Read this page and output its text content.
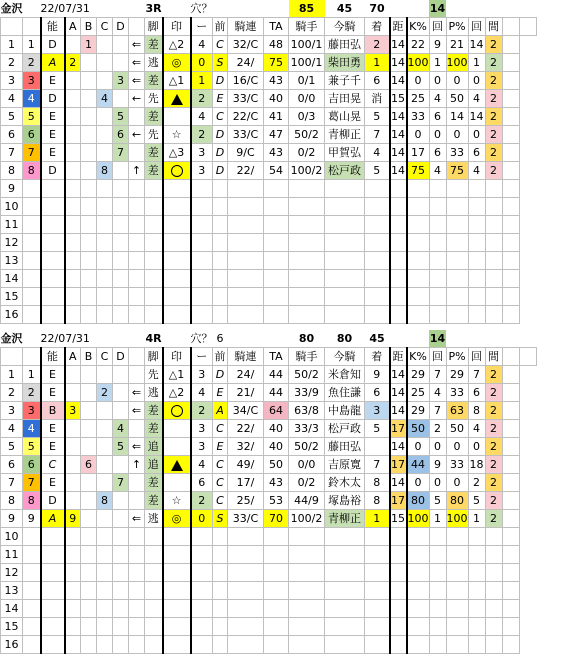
金沢		22/07/31						3R		穴？				85	45	70			14					
		能	A	B	C	D		脚	印	ー	前	騎連	TA	騎手	今騎	着	距	K%	回	P%	回	間		
1	1	D		1			⇐	差	△2	4	C	32/C	48	100/1	藤田弘	2	14	22	9	21	14	2		
2	2	A	2				⇐	逃	◎	0	S	24/	75	100/1	柴田勇	1	14	100	1	100	1	2		
3	3	E				3	⇐	差	△1	1	D	16/C	43	0/1	兼子千	6	14	0	0	0	0	2		
4	4	D			4		←	先		2	E	33/C	40	0/0	吉田晃	消	15	25	4	50	4	2		
5	5	E				5		差		4	C	22/C	41	0/3	葛山晃	5	14	33	6	14	14	2		
6	6	E				6	←	先	☆	2	D	33/C	47	50/2	青柳正	7	14	0	0	0	0	2		
7	7	E				7		差	△3	3	D	9/C	43	0/2	甲賀弘	4	14	17	6	33	6	2		
8	8	D			8		↑	差		3	D	22/	54	100/2	松戸政	5	14	75	4	75	4	2		
9																								
10																								
11																								
12																								
13																								
14																								
15																								
16																								
金沢		22/07/31						4R		穴？	6			80	80	45			14					
		能	A	B	C	D		脚	印	ー	前	騎連	TA	騎手	今騎	着	距	K%	回	P%	回	間		
1	1	E						先	△1	3	D	24/	44	50/2	米倉知	9	14	29	7	29	7	2		
2	2	E			2		⇐	逃	△2	4	E	21/	44	33/9	魚住謙	6	14	25	4	33	6	2		
3	3	B	3				⇐	差		2	A	34/C	64	63/8	中島龍	3	14	29	7	63	8	2		
4	4	E				4		差		3	C	22/	40	33/3	松戸政	5	17	50	2	50	4	2		
5	5	E				5	⇐	追		3	E	32/	40	50/2	藤田弘		14	0	0	0	0	2		
6	6	C		6			↑	追		4	C	49/	50	0/0	吉原寛	7	17	44	9	33	18	2		
7	7	E				7		差		6	C	17/	43	0/2	鈴木太	8	14	0	0	0	2	2		
8	8	D			8			差	☆	2	C	25/	53	44/9	塚島裕	8	17	80	5	80	5	2		
9	9	A	9				⇐	逃	◎	0	S	33/C	70	100/2	青柳正	1	15	100	1	100	1	2		
10																								
11																								
12																								
13																								
14																								
15																								
16																								
